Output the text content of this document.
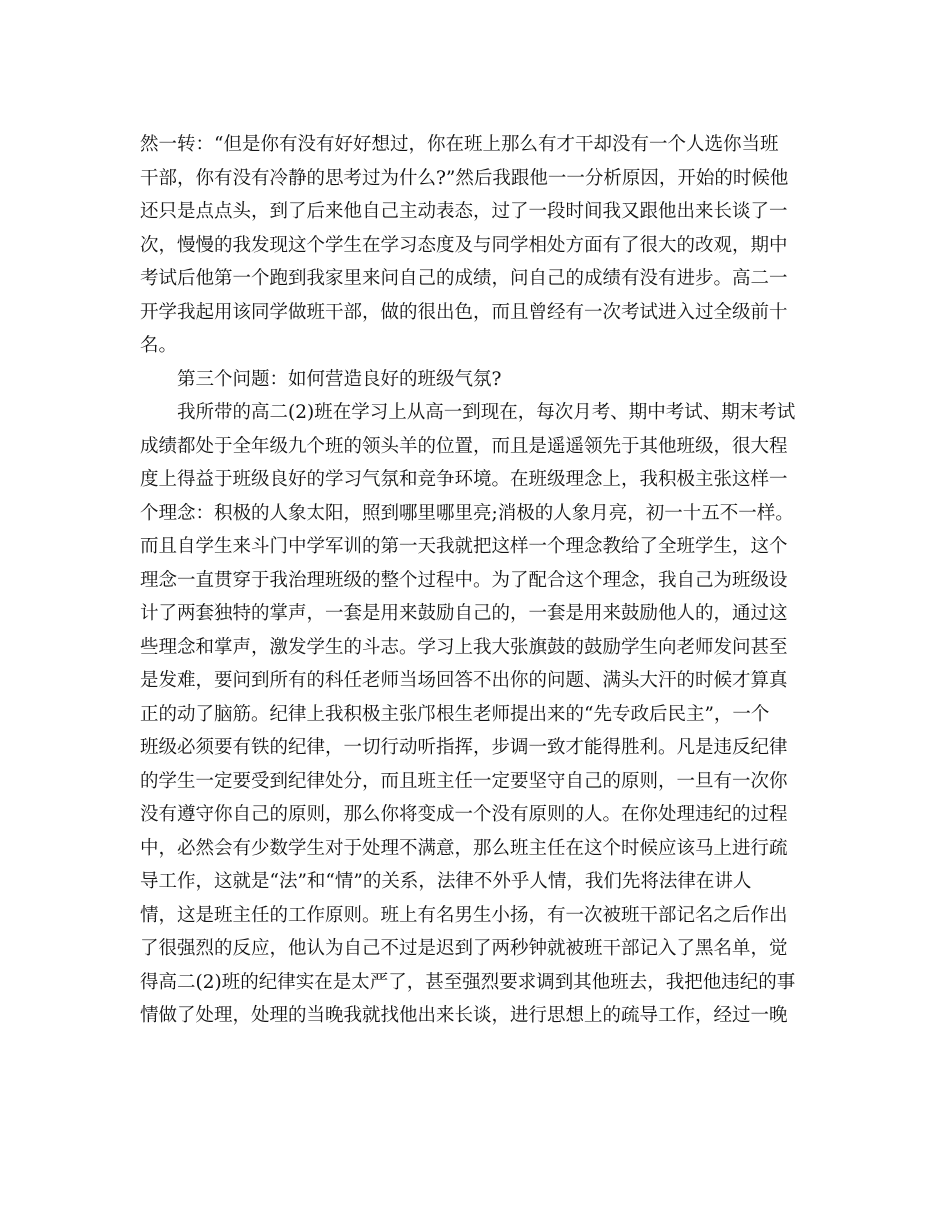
然一转：“但是你有没有好好想过，你在班上那么有才干却没有一个人选你当班
干部，你有没有冷静的思考过为什么?”然后我跟他一一分析原因，开始的时候他
还只是点点头，到了后来他自己主动表态，过了一段时间我又跟他出来长谈了一
次，慢慢的我发现这个学生在学习态度及与同学相处方面有了很大的改观，期中
考试后他第一个跑到我家里来问自己的成绩，问自己的成绩有没有进步。高二一
开学我起用该同学做班干部，做的很出色，而且曾经有一次考试进入过全级前十
名。
第三个问题：如何营造良好的班级气氛?
我所带的高二(2)班在学习上从高一到现在，每次月考、期中考试、期末考试
成绩都处于全年级九个班的领头羊的位置，而且是遥遥领先于其他班级，很大程
度上得益于班级良好的学习气氛和竞争环境。在班级理念上，我积极主张这样一
个理念：积极的人象太阳，照到哪里哪里亮;消极的人象月亮，初一十五不一样。
而且自学生来斗门中学军训的第一天我就把这样一个理念教给了全班学生，这个
理念一直贯穿于我治理班级的整个过程中。为了配合这个理念，我自己为班级设
计了两套独特的掌声，一套是用来鼓励自己的，一套是用来鼓励他人的，通过这
些理念和掌声，激发学生的斗志。学习上我大张旗鼓的鼓励学生向老师发问甚至
是发难，要问到所有的科任老师当场回答不出你的问题、满头大汗的时候才算真
正的动了脑筋。纪律上我积极主张邝根生老师提出来的“先专政后民主”，一个
班级必须要有铁的纪律，一切行动听指挥，步调一致才能得胜利。凡是违反纪律
的学生一定要受到纪律处分，而且班主任一定要坚守自己的原则，一旦有一次你
没有遵守你自己的原则，那么你将变成一个没有原则的人。在你处理违纪的过程
中，必然会有少数学生对于处理不满意，那么班主任在这个时候应该马上进行疏
导工作，这就是“法”和“情”的关系，法律不外乎人情，我们先将法律在讲人
情，这是班主任的工作原则。班上有名男生小扬，有一次被班干部记名之后作出
了很强烈的反应，他认为自己不过是迟到了两秒钟就被班干部记入了黑名单，觉
得高二(2)班的纪律实在是太严了，甚至强烈要求调到其他班去，我把他违纪的事
情做了处理，处理的当晚我就找他出来长谈，进行思想上的疏导工作，经过一晚
